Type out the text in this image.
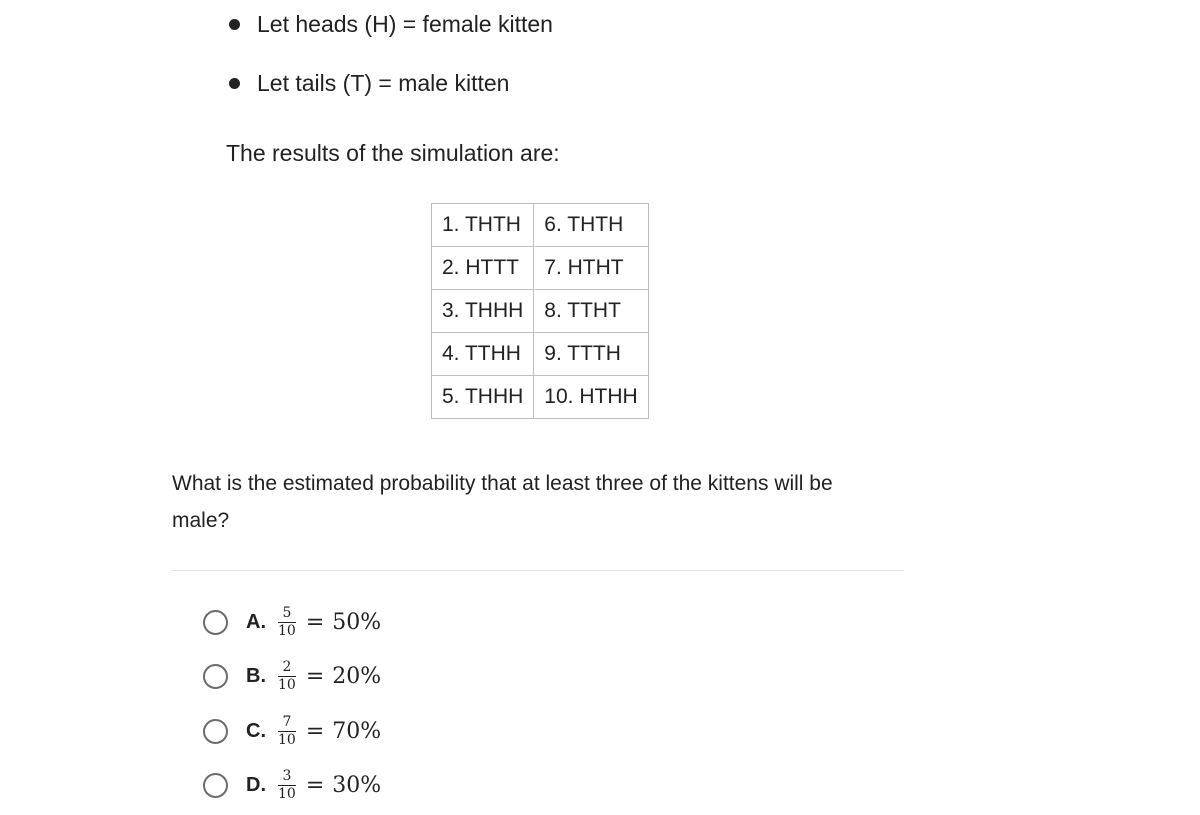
Let heads (H) = female kitten
Let tails (T) = male kitten
The results of the simulation are:
1. THTH	6. THTH
2. HTTT	7. HTHT
3. THHH	8. TTHT
4. TTHH	9. TTTH
5. THHH	10. HTHH
What is the estimated probability that at least three of the kittens will be male?
A. $\frac{5}{10} = 50\%$
B. $\frac{2}{10} = 20\%$
C. $\frac{7}{10} = 70\%$
D. $\frac{3}{10} = 30\%$
